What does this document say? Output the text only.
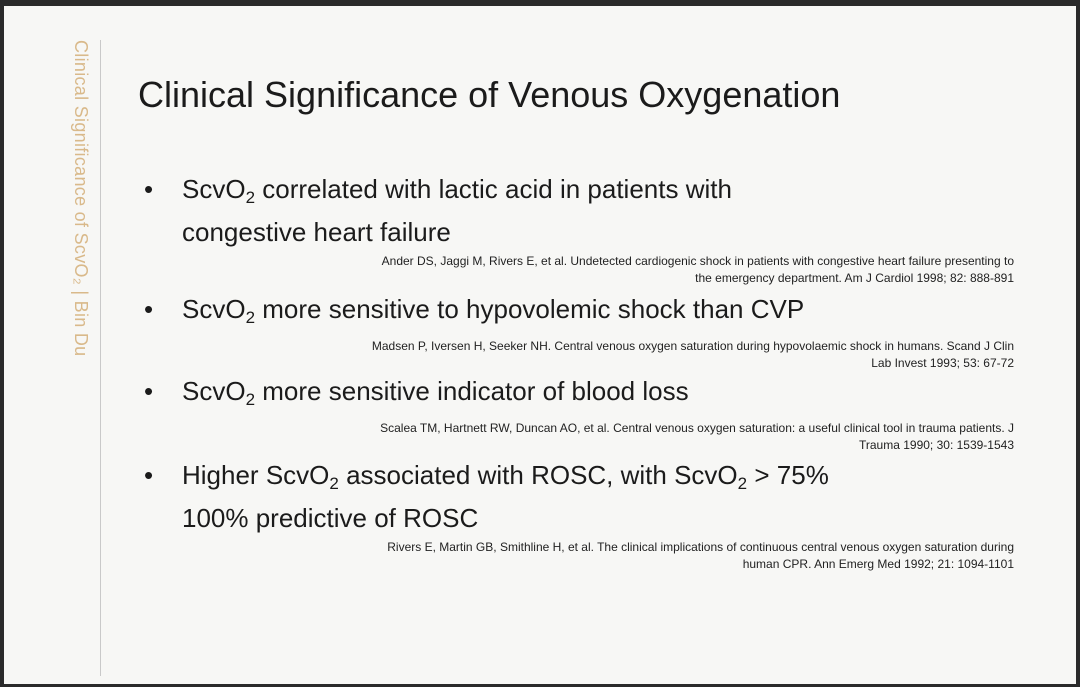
Clinical Significance of ScvO₂ | Bin Du Clinical Significance of Venous Oxygenation
• ScvO$_2$ correlated with lactic acid in patients with
congestive heart failure
Ander DS, Jaggi M, Rivers E, et al. Undetected cardiogenic shock in patients with congestive heart failure presenting to
the emergency department. Am J Cardiol 1998; 82: 888-891
• ScvO$_2$ more sensitive to hypovolemic shock than CVP
Madsen P, Iversen H, Seeker NH. Central venous oxygen saturation during hypovolaemic shock in humans. Scand J Clin
Lab Invest 1993; 53: 67-72
• ScvO$_2$ more sensitive indicator of blood loss
Scalea TM, Hartnett RW, Duncan AO, et al. Central venous oxygen saturation: a useful clinical tool in trauma patients. J
Trauma 1990; 30: 1539-1543
• Higher ScvO$_2$ associated with ROSC, with ScvO$_2$ > 75%
100% predictive of ROSC
Rivers E, Martin GB, Smithline H, et al. The clinical implications of continuous central venous oxygen saturation during
human CPR. Ann Emerg Med 1992; 21: 1094-1101
